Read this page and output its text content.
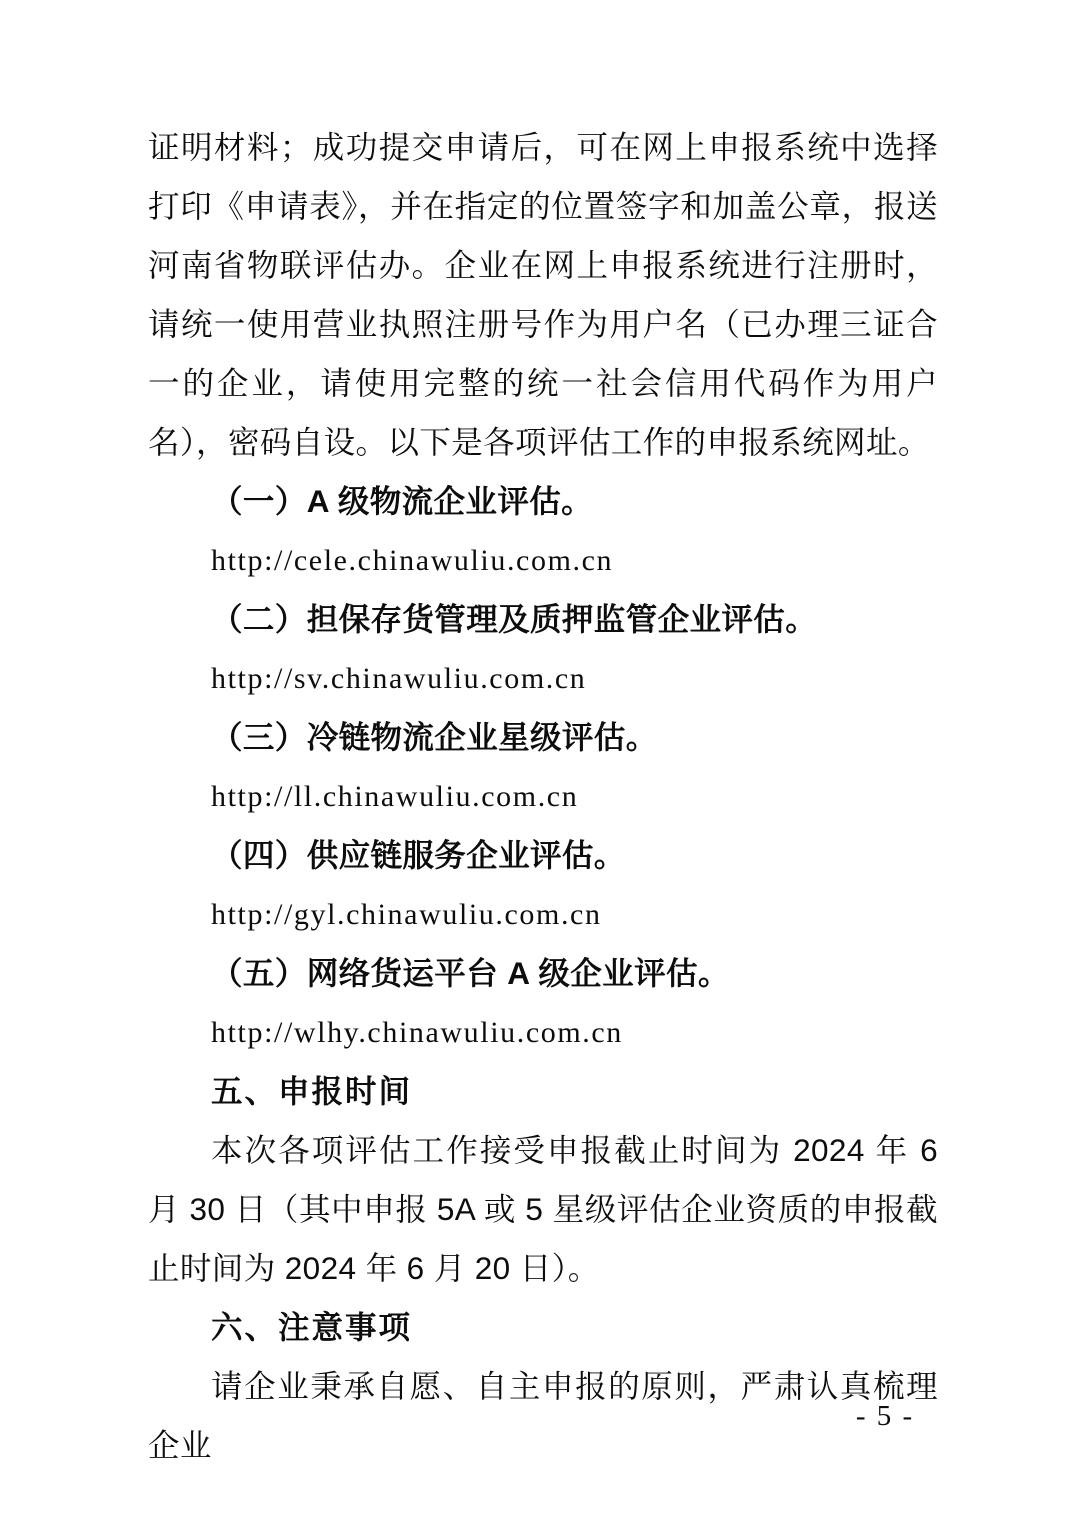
证明材料；成功提交申请后，可在网上申报系统中选择打印《申请表》，并在指定的位置签字和加盖公章，报送河南省物联评估办。企业在网上申报系统进行注册时，请统一使用营业执照注册号作为用户名（已办理三证合一的企业，请使用完整的统一社会信用代码作为用户名），密码自设。以下是各项评估工作的申报系统网址。

（一）A 级物流企业评估。

http://cele.chinawuliu.com.cn

（二）担保存货管理及质押监管企业评估。

http://sv.chinawuliu.com.cn

（三）冷链物流企业星级评估。

http://ll.chinawuliu.com.cn

（四）供应链服务企业评估。

http://gyl.chinawuliu.com.cn

（五）网络货运平台 A 级企业评估。

http://wlhy.chinawuliu.com.cn

五、申报时间

本次各项评估工作接受申报截止时间为 2024 年 6 月 30 日（其中申报 5A 或 5 星级评估企业资质的申报截止时间为 2024 年 6 月 20 日）。

六、注意事项

请企业秉承自愿、自主申报的原则，严肃认真梳理企业

- 5 -
